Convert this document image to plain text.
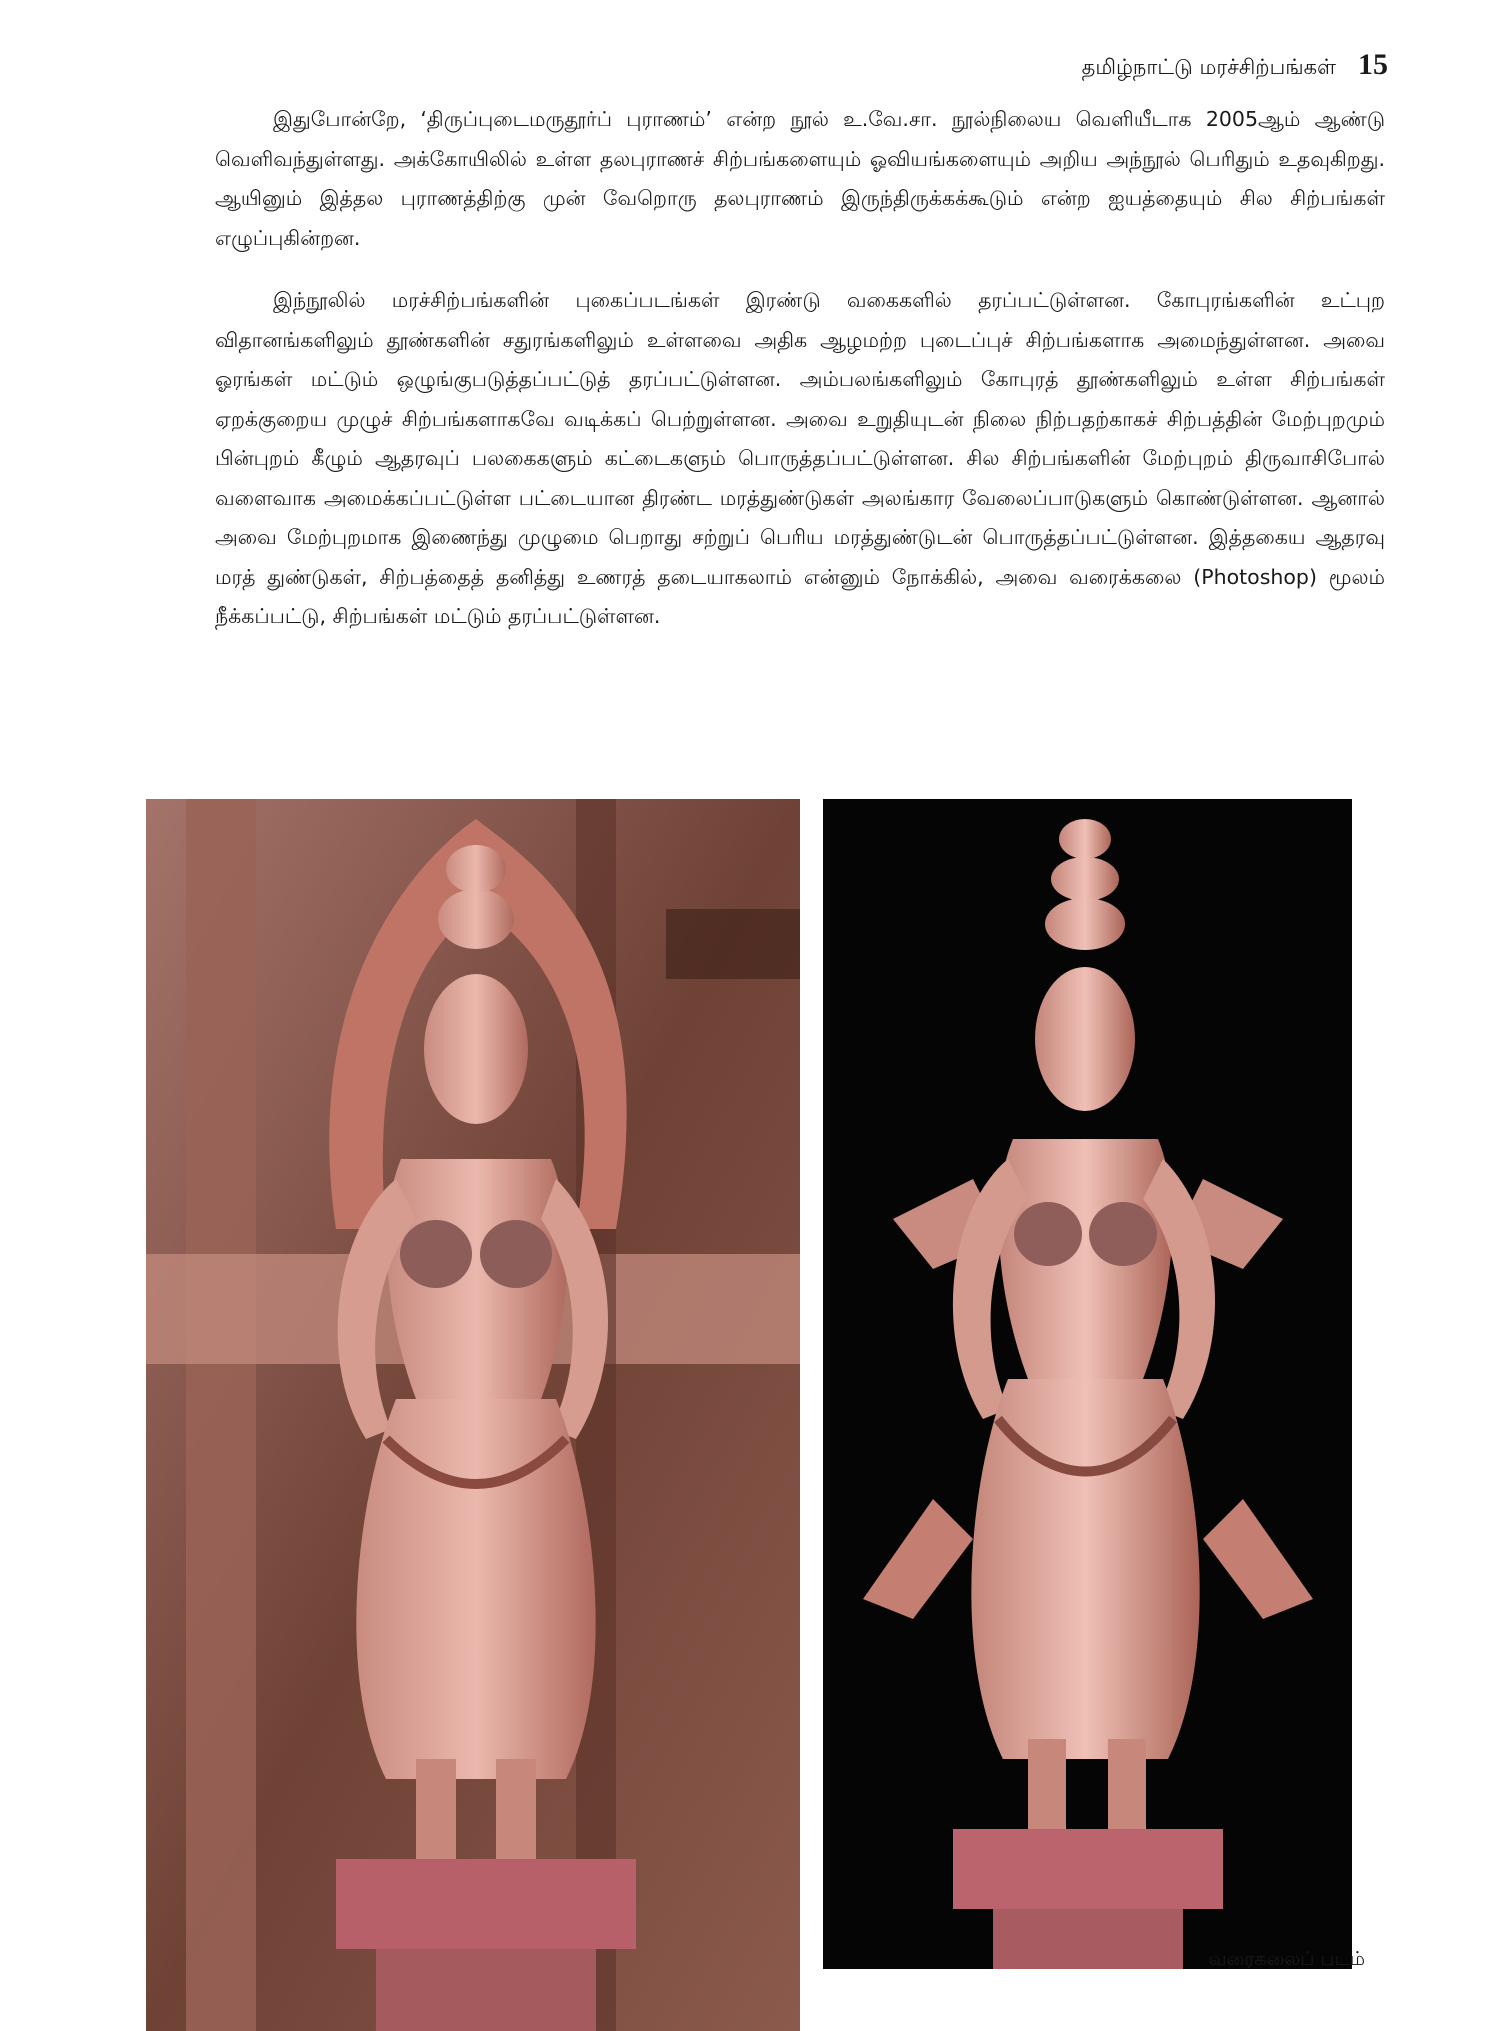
தமிழ்நாட்டு மரச்சிற்பங்கள் 15

இதுபோன்றே, ‘திருப்புடைமருதூர்ப் புராணம்’ என்ற நூல் உ.வே.சா. நூல்நிலைய வெளியீடாக 2005ஆம் ஆண்டு வெளிவந்துள்ளது. அக்கோயிலில் உள்ள தலபுராணச் சிற்பங்களையும் ஓவியங்களையும் அறிய அந்நூல் பெரிதும் உதவுகிறது. ஆயினும் இத்தல புராணத்திற்கு முன் வேறொரு தலபுராணம் இருந்திருக்கக்கூடும் என்ற ஐயத்தையும் சில சிற்பங்கள் எழுப்புகின்றன.

இந்நூலில் மரச்சிற்பங்களின் புகைப்படங்கள் இரண்டு வகைகளில் தரப்பட்டுள்ளன. கோபுரங்களின் உட்புற விதானங்களிலும் தூண்களின் சதுரங்களிலும் உள்ளவை அதிக ஆழமற்ற புடைப்புச் சிற்பங்களாக அமைந்துள்ளன. அவை ஓரங்கள் மட்டும் ஒழுங்குபடுத்தப்பட்டுத் தரப்பட்டுள்ளன. அம்பலங்களிலும் கோபுரத் தூண்களிலும் உள்ள சிற்பங்கள் ஏறக்குறைய முழுச் சிற்பங்களாகவே வடிக்கப் பெற்றுள்ளன. அவை உறுதியுடன் நிலை நிற்பதற்காகச் சிற்பத்தின் மேற்புறமும் பின்புறம் கீழும் ஆதரவுப் பலகைகளும் கட்டைகளும் பொருத்தப்பட்டுள்ளன. சில சிற்பங்களின் மேற்புறம் திருவாசிபோல் வளைவாக அமைக்கப்பட்டுள்ள பட்டையான திரண்ட மரத்துண்டுகள் அலங்கார வேலைப்பாடுகளும் கொண்டுள்ளன. ஆனால் அவை மேற்புறமாக இணைந்து முழுமை பெறாது சற்றுப் பெரிய மரத்துண்டுடன் பொருத்தப்பட்டுள்ளன. இத்தகைய ஆதரவு மரத் துண்டுகள், சிற்பத்தைத் தனித்து உணரத் தடையாகலாம் என்னும் நோக்கில், அவை வரைக்கலை (Photoshop) மூலம் நீக்கப்பட்டு, சிற்பங்கள் மட்டும் தரப்பட்டுள்ளன.

வரைகலைப் படம்
